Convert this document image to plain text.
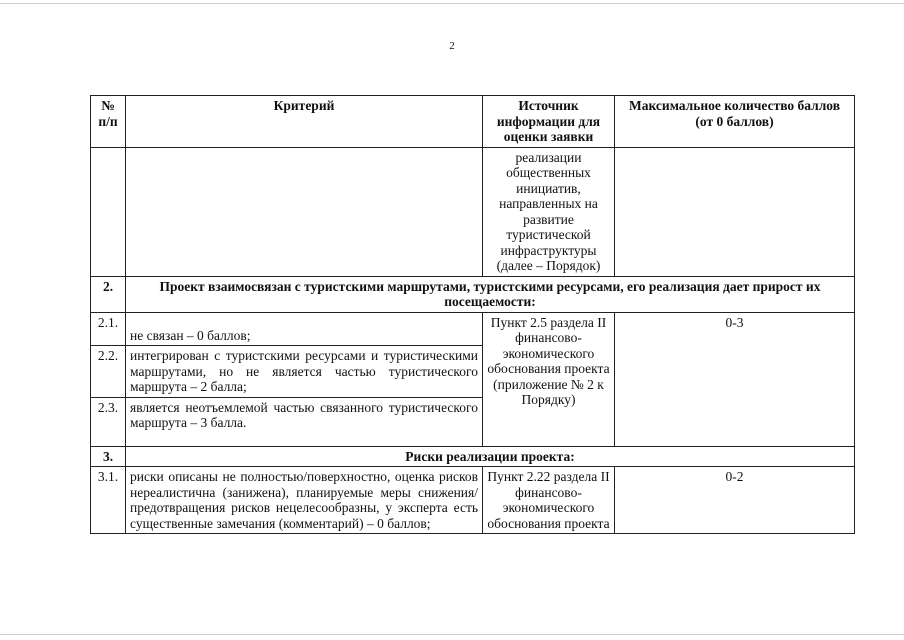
2
№ п/п	Критерий	Источник информации для оценки заявки	Максимальное количество баллов (от 0 баллов)
		реализации общественных инициатив, направленных на развитие туристической инфраструктуры (далее – Порядок)	
2.	Проект взаимосвязан с туристскими маршрутами, туристскими ресурсами, его реализация дает прирост их посещаемости:		
2.1.	не связан – 0 баллов;	Пункт 2.5 раздела II финансово-экономического обоснования проекта (приложение № 2 к Порядку)	0-3
2.2.	интегрирован с туристскими ресурсами и туристическими маршрутами, но не является частью туристического маршрута – 2 балла;		
2.3.	является неотъемлемой частью связанного туристического маршрута – 3 балла.		
3.	Риски реализации проекта:		
3.1.	риски описаны не полностью/поверхностно, оценка рисков нереалистична (занижена), планируемые меры снижения/предотвращения рисков нецелесообразны, у эксперта есть существенные замечания (комментарий) – 0 баллов;	Пункт 2.22 раздела II финансово-экономического обоснования проекта	0-2
